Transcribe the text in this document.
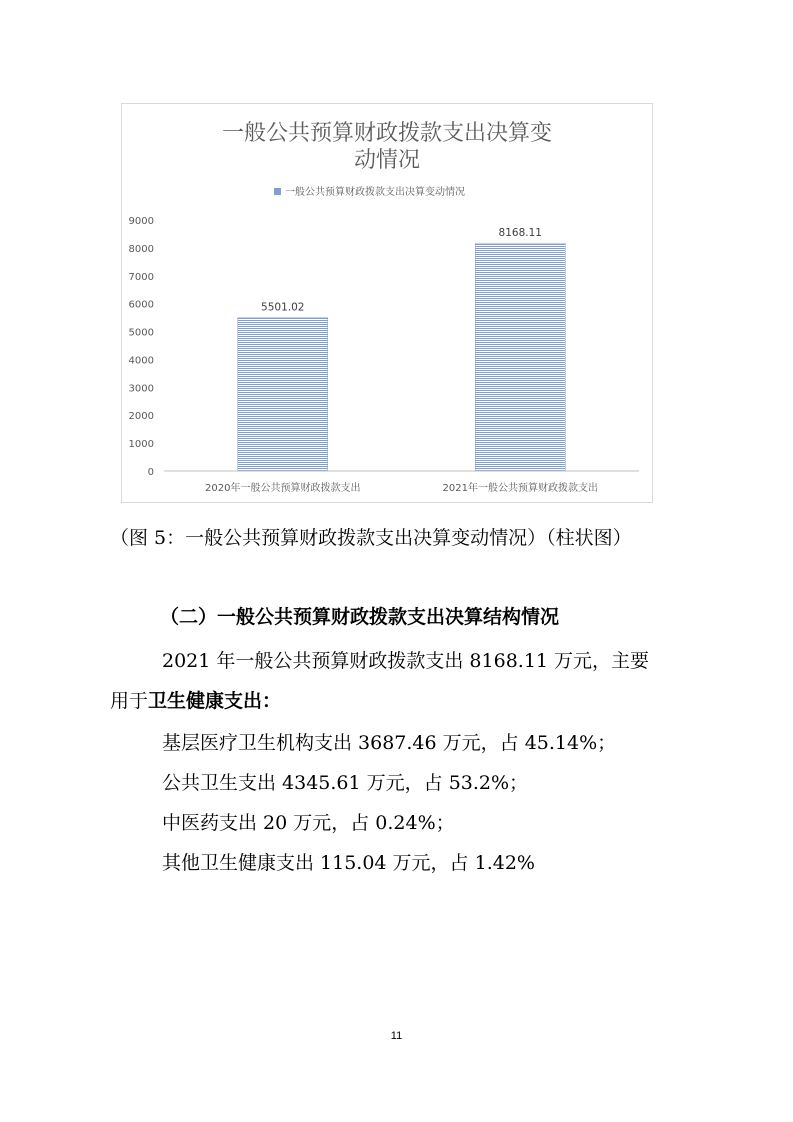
一般公共预算财政拨款支出决算变
动情况
一般公共预算财政拨款支出决算变动情况
0
1000
2000
3000
4000
5000
6000
7000
8000
9000
5501.02
8168.11
2020年一般公共预算财政拨款支出	2021年一般公共预算财政拨款支出
（图 5：一般公共预算财政拨款支出决算变动情况）（柱状图）
（二）一般公共预算财政拨款支出决算结构情况
2021 年一般公共预算财政拨款支出 8168.11 万元，主要
用于卫生健康支出：
基层医疗卫生机构支出 3687.46 万元，占 45.14%；
公共卫生支出 4345.61 万元，占 53.2%；
中医药支出 20 万元，占 0.24%；
其他卫生健康支出 115.04 万元，占 1.42%
11
